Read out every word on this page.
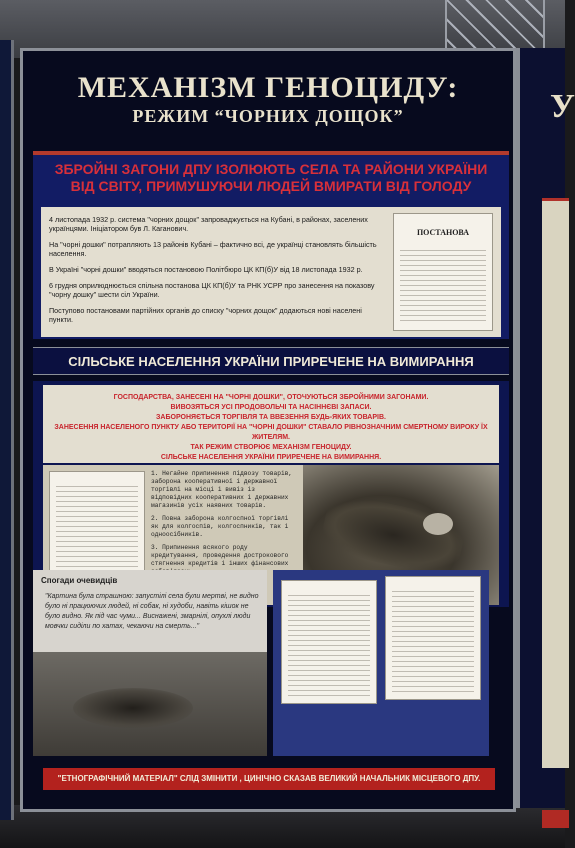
У
МЕХАНІЗМ ГЕНОЦИДУ:
РЕЖИМ “ЧОРНИХ ДОЩОК”
ЗБРОЙНІ ЗАГОНИ ДПУ ІЗОЛЮЮТЬ СЕЛА ТА РАЙОНИ УКРАЇНИ ВІД СВІТУ, ПРИМУШУЮЧИ ЛЮДЕЙ ВМИРАТИ ВІД ГОЛОДУ

4 листопада 1932 р. система "чорних дощок" запроваджується на Кубані, в районах, заселених українцями. Ініціатором був Л. Каганович.

На "чорні дошки" потрапляють 13 районів Кубані – фактично всі, де українці становлять більшість населення.

В Україні "чорні дошки" вводяться постановою Політбюро ЦК КП(б)У від 18 листопада 1932 р.

6 грудня оприлюднюється спільна постанова ЦК КП(б)У та РНК УСРР про занесення на показову "чорну дошку" шести сіл України.

Поступово постановами партійних органів до списку "чорних дощок" додаються нові населені пункти.

ПОСТАНОВА
СІЛЬСЬКЕ НАСЕЛЕННЯ УКРАЇНИ ПРИРЕЧЕНЕ НА ВИМИРАННЯ
ГОСПОДАРСТВА, ЗАНЕСЕНІ НА "ЧОРНІ ДОШКИ", ОТОЧУЮТЬСЯ ЗБРОЙНИМИ ЗАГОНАМИ.
ВИВОЗЯТЬСЯ УСІ ПРОДОВОЛЬЧІ ТА НАСІННЄВІ ЗАПАСИ.
ЗАБОРОНЯЄТЬСЯ ТОРГІВЛЯ ТА ВВЕЗЕННЯ БУДЬ-ЯКИХ ТОВАРІВ.
ЗАНЕСЕННЯ НАСЕЛЕНОГО ПУНКТУ АБО ТЕРИТОРІЇ НА "ЧОРНІ ДОШКИ" СТАВАЛО РІВНОЗНАЧНИМ СМЕРТНОМУ ВИРОКУ ЇХ ЖИТЕЛЯМ.
ТАК РЕЖИМ СТВОРЮЄ МЕХАНІЗМ ГЕНОЦИДУ.
СІЛЬСЬКЕ НАСЕЛЕННЯ УКРАЇНИ ПРИРЕЧЕНЕ НА ВИМИРАННЯ.

1. Негайне припинення підвозу товарів, заборона кооперативної і державної торгівлі на місці і вивіз із відповідних кооперативних і державних магазинів усіх наявних товарів.

2. Повна заборона колгоспної торгівлі як для колгоспів, колгоспників, так і одноосібників.

3. Припинення всякого роду кредитування, проведення дострокового стягнення кредитів і інших фінансових

Спогади очевидців
"Картина була страшною: запустілі села були мертві, не видно було ні працюючих людей, ні собак, ні худоби, навіть кішок не було видно. Як під час чуми... Виснажені, змарнілі, опухлі люди мовчки сиділи по хатах, чекаючи на смерть..."
"ЕТНОГРАФІЧНИЙ МАТЕРІАЛ" СЛІД ЗМІНИТИ , ЦИНІЧНО СКАЗАВ ВЕЛИКИЙ НАЧАЛЬНИК МІСЦЕВОГО ДПУ.
